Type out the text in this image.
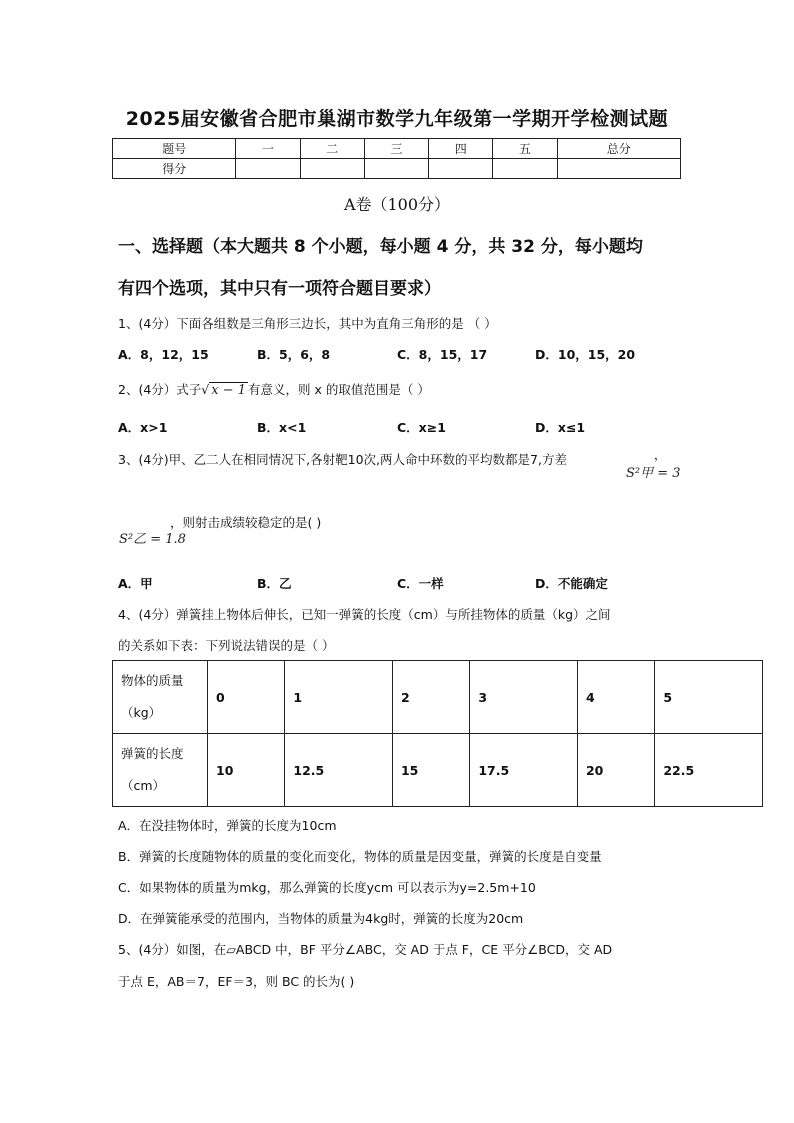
2025届安徽省合肥市巢湖市数学九年级第一学期开学检测试题
题号	一	二	三	四	五	总分
得分						
A卷（100分）
一、选择题（本大题共 8 个小题，每小题 4 分，共 32 分，每小题均
有四个选项，其中只有一项符合题目要求）
1、(4分）下面各组数是三角形三边长，其中为直角三角形的是 （ ）
A．8，12，15	B．5，6，8	C．8，15，17	D．10，15，20
2、(4分）式子√ x − 1 有意义，则 x 的取值范围是（ ）
A．x>1	B．x<1	C．x≥1	D．x≤1
3、(4分)甲、乙二人在相同情况下,各射靶10次,两人命中环数的平均数都是7,方差	，
S²甲 = 3
，则射击成绩较稳定的是( )
S²乙 = 1.8
A．甲	B．乙	C．一样	D．不能确定
4、(4分）弹簧挂上物体后伸长，已知一弹簧的长度（cm）与所挂物体的质量（kg）之间
的关系如下表：下列说法错误的是（ ）
物体的质量
（kg）	0	1	2	3	4	5

弹簧的长度
（cm）	10	12.5	15	17.5	20	22.5
A．在没挂物体时，弹簧的长度为10cm
B．弹簧的长度随物体的质量的变化而变化，物体的质量是因变量，弹簧的长度是自变量
C．如果物体的质量为mkg，那么弹簧的长度ycm 可以表示为y=2.5m+10
D．在弹簧能承受的范围内，当物体的质量为4kg时，弹簧的长度为20cm
5、(4分）如图，在▱ABCD 中，BF 平分∠ABC，交 AD 于点 F，CE 平分∠BCD，交 AD
于点 E，AB＝7，EF＝3，则 BC 的长为( )
